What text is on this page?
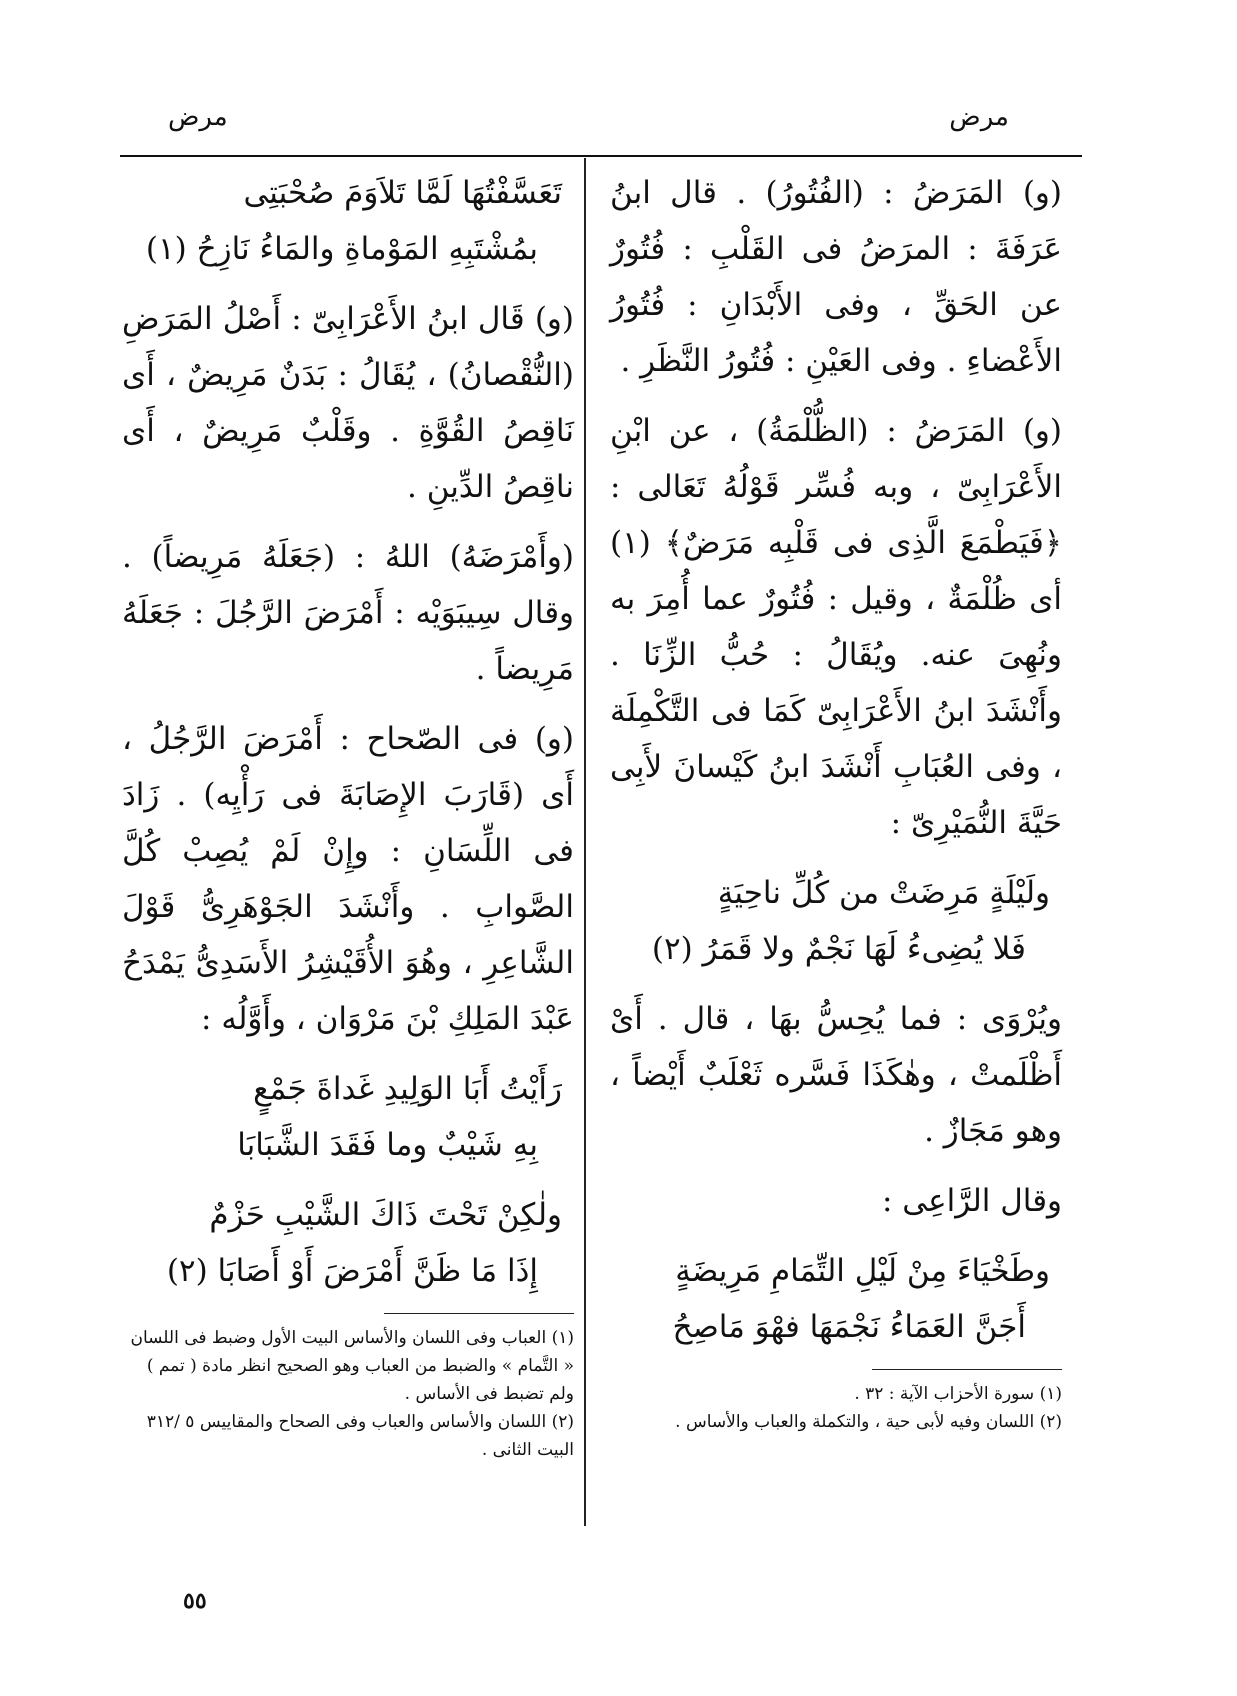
مرض
مرض

(و) المَرَضُ : (الفُتُورُ) . قال ابنُ عَرَفَةَ : المرَضُ فى القَلْبِ : فُتُورٌ عن الحَقِّ ، وفى الأَبْدَانِ : فُتُورُ الأَعْضاءِ . وفى العَيْنِ : فُتُورُ النَّظَرِ .

(و) المَرَضُ : (الظُّلْمَةُ) ، عن ابْنِ الأَعْرَابِىّ ، وبه فُسِّر قَوْلُهُ تَعَالى : ﴿فَيَطْمَعَ الَّذِى فى قَلْبِه مَرَضٌ﴾ (١) أى ظُلْمَةٌ ، وقيل : فُتُورٌ عما أُمِرَ به ونُهِىَ عنه. ويُقَالُ : حُبُّ الزِّنَا . وأَنْشَدَ ابنُ الأَعْرَابِىّ كَمَا فى التَّكْمِلَة ، وفى العُبَابِ أَنْشَدَ ابنُ كَيْسانَ لأَبِى حَيَّةَ النُّمَيْرِىّ :

ولَيْلَةٍ مَرِضَتْ من كُلِّ ناحِيَةٍ
فَلا يُضِىءُ لَهَا نَجْمٌ ولا قَمَرُ (٢)

ويُرْوَى : فما يُحِسُّ بهَا ، قال . أَىْ أَظْلَمتْ ، وهٰكَذَا فَسَّره ثَعْلَبٌ أَيْضاً ، وهو مَجَازٌ .

وقال الرَّاعِى :

وطَخْيَاءَ مِنْ لَيْلِ التِّمَامِ مَرِيضَةٍ
أَجَنَّ العَمَاءُ نَجْمَهَا فهْوَ مَاصِحُ

(١) سورة الأحزاب الآية : ٣٢ .

(٢) اللسان وفيه لأبى حية ، والتكملة والعباب والأساس .

تَعَسَّفْتُهَا لَمَّا تَلاَوَمَ صُحْبَتِى
بمُشْتَبِهِ المَوْماةِ والمَاءُ نَازِحُ (١)

(و) قَال ابنُ الأَعْرَابِىّ : أَصْلُ المَرَضِ (النُّقْصانُ) ، يُقَالُ : بَدَنٌ مَرِيضٌ ، أَى نَاقِصُ القُوَّةِ . وقَلْبٌ مَرِيضٌ ، أَى ناقِصُ الدِّينِ .

(وأَمْرَضَهُ) اللهُ : (جَعَلَهُ مَرِيضاً) . وقال سِيبَوَيْه : أَمْرَضَ الرَّجُلَ : جَعَلَهُ مَرِيضاً .

(و) فى الصّحاح : أَمْرَضَ الرَّجُلُ ، أَى (قَارَبَ الإِصَابَةَ فى رَأْيِه) . زَادَ فى اللِّسَانِ : وإِنْ لَمْ يُصِبْ كُلَّ الصَّوابِ . وأَنْشَدَ الجَوْهَرِىُّ قَوْلَ الشَّاعِرِ ، وهُوَ الأُقَيْشِرُ الأَسَدِىُّ يَمْدَحُ عَبْدَ المَلِكِ بْنَ مَرْوَان ، وأَوَّلُه :

رَأَيْتُ أَبَا الوَلِيدِ غَداةَ جَمْعٍ
بِهِ شَيْبٌ وما فَقَدَ الشَّبَابَا
ولٰكِنْ تَحْتَ ذَاكَ الشَّيْبِ حَزْمٌ
إِذَا مَا ظَنَّ أَمْرَضَ أَوْ أَصَابَا (٢)

(١) العباب وفى اللسان والأساس البيت الأول وضبط فى اللسان « التَّمام » والضبط من العباب وهو الصحيح انظر مادة ( تمم ) ولم تضبط فى الأساس .

(٢) اللسان والأساس والعباب وفى الصحاح والمقاييس ٥ /٣١٢ البيت الثانى .

٥٥
